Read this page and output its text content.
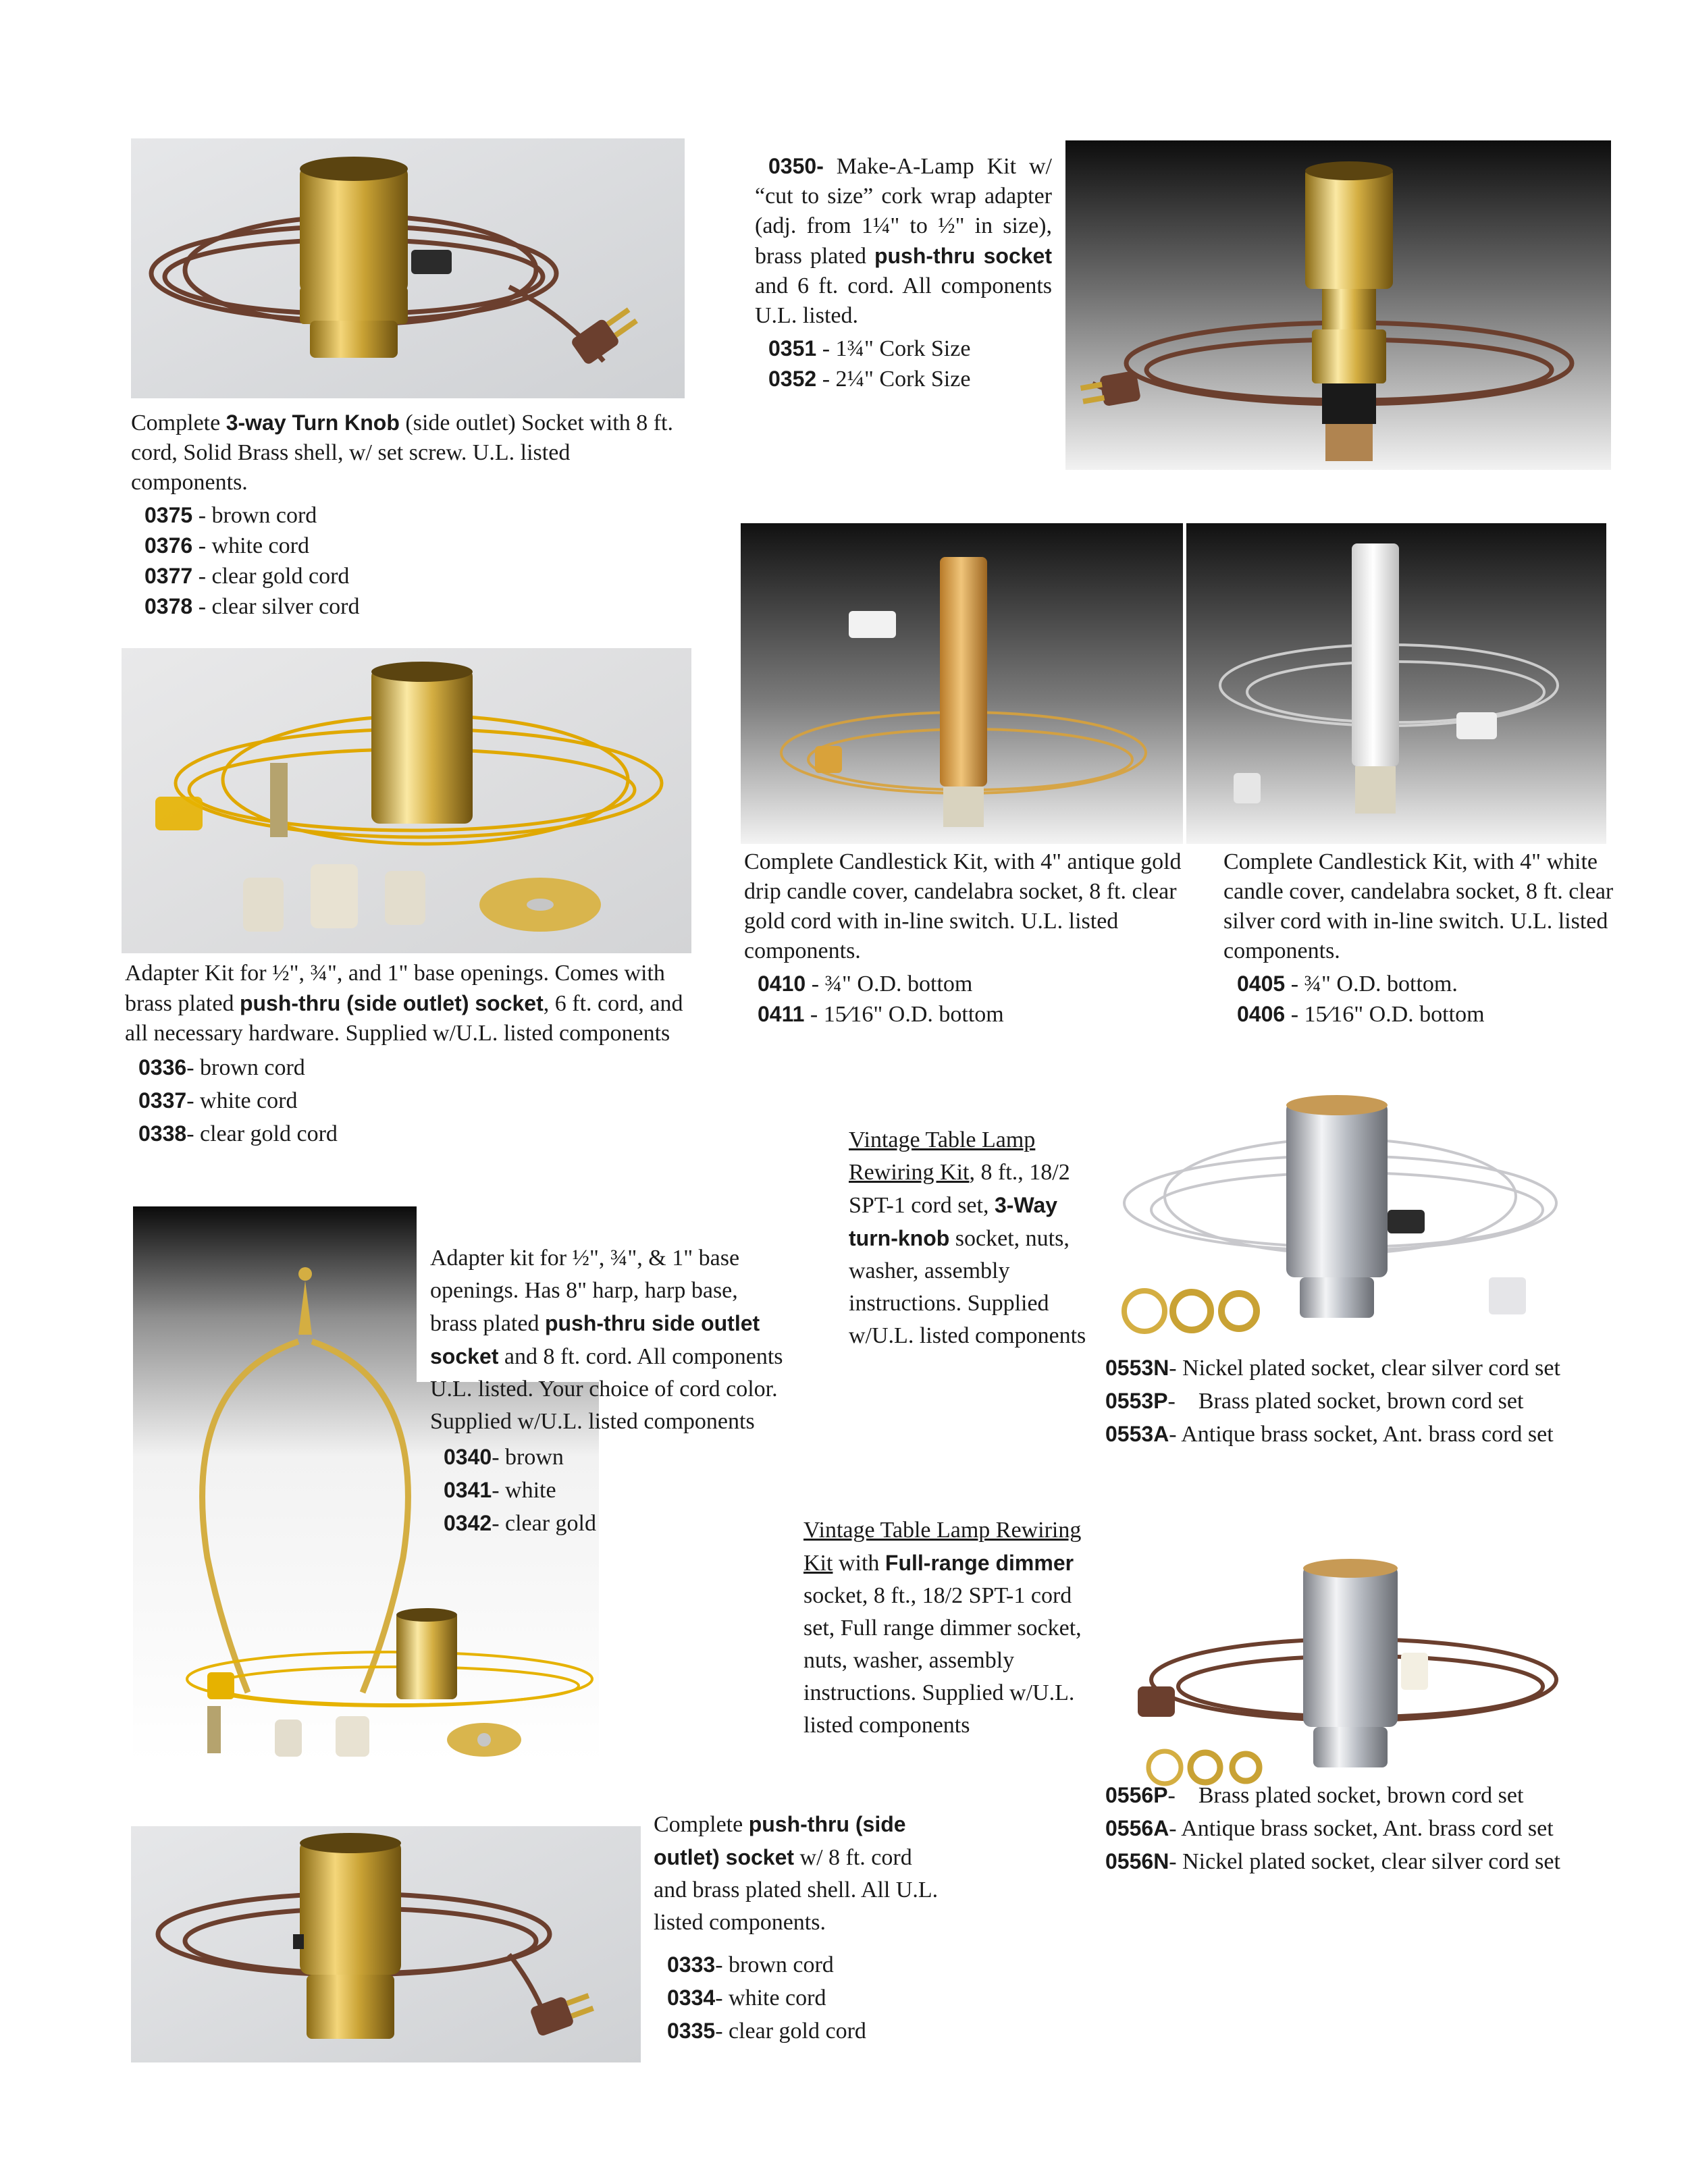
Complete 3-way Turn Knob (side outlet) Socket with 8 ft. cord, Solid Brass shell, w/ set screw. U.L. listed components.

0375 - brown cord
0376 - white cord
0377 - clear gold cord
0378 - clear silver cord

0350- Make-A-Lamp Kit w/ “cut to size” cork wrap adapter (adj. from 1¼" to ½" in size), brass plated push-thru socket and 6 ft. cord. All components U.L. listed.

0351 - 1¾" Cork Size
0352 - 2¼" Cork Size

Adapter Kit for ½", ¾", and 1" base openings. Comes with brass plated push-thru (side outlet) socket, 6 ft. cord, and all necessary hardware. Supplied w/U.L. listed components

0336- brown cord
0337- white cord
0338- clear gold cord

Complete Candlestick Kit, with 4" antique gold drip candle cover, candelabra socket, 8 ft. clear gold cord with in-line switch. U.L. listed components.

0410 - ¾" O.D. bottom
0411 - 15⁄16" O.D. bottom

Complete Candlestick Kit, with 4" white candle cover, candelabra socket, 8 ft. clear silver cord with in-line switch. U.L. listed components.

0405 - ¾" O.D. bottom.
0406 - 15⁄16" O.D. bottom

Adapter kit for ½", ¾", & 1" base openings. Has 8" harp, harp base, brass plated push-thru side outlet socket and 8 ft. cord. All components U.L. listed. Your choice of cord color. Supplied w/U.L. listed components

0340- brown
0341- white
0342- clear gold

Vintage Table Lamp Rewiring Kit, 8 ft., 18/2 SPT-1 cord set, 3-Way turn-knob socket, nuts, washer, assembly instructions. Supplied w/U.L. listed components

0553N- Nickel plated socket, clear silver cord set
0553P-    Brass plated socket, brown cord set
0553A- Antique brass socket, Ant. brass cord set

Vintage Table Lamp Rewiring Kit with Full-range dimmer socket, 8 ft., 18/2 SPT-1 cord set, Full range dimmer socket, nuts, washer, assembly instructions. Supplied w/U.L. listed components

0556P-    Brass plated socket, brown cord set
0556A- Antique brass socket, Ant. brass cord set
0556N- Nickel plated socket, clear silver cord set

Complete push-thru (side outlet) socket w/ 8 ft. cord and brass plated shell. All U.L. listed components.

0333- brown cord
0334- white cord
0335- clear gold cord
